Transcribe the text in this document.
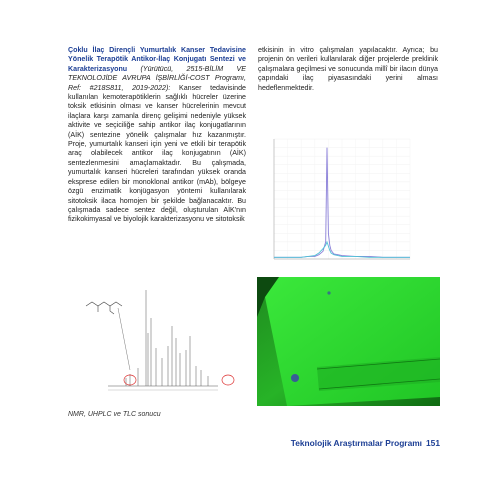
Çoklu İlaç Dirençli Yumurtalık Kanser Tedavisine Yönelik Terapötik Antikor-İlaç Konjugatı Sentezi ve Karakterizasyonu (Yürütücü, 2515-BİLİM VE TEKNOLOJİDE AVRUPA İŞBİRLİĞİ-COST Programı, Ref: #218S811, 2019-2022): Kanser tedavisinde kullanılan kemoterapötiklerin sağlıklı hücreler üzerine toksik etkisinin olması ve kanser hücrelerinin mevcut ilaçlara karşı zamanla direnç gelişimi nedeniyle yüksek aktivite ve seçiciliğe sahip antikor ilaç konjugatlarının (AİK) sentezine yönelik çalışmalar hız kazanmıştır. Proje, yumurtalık kanseri için yeni ve etkili bir terapötik araç olabilecek antikor ilaç konjugatının (AİK) sentezlenmesini amaçlamaktadır. Bu çalışmada, yumurtalık kanseri hücreleri tarafından yüksek oranda eksprese edilen bir monoklonal antikor (mAb), bölgeye özgü enzimatik konjügasyon yöntemi kullanılarak sitotoksik ilaca homojen bir şekilde bağlanacaktır. Bu çalışmada sadece sentez değil, oluşturulan AİK'nın fizikokimyasal ve biyolojik karakterizasyonu ve sitotoksik
etkisinin in vitro çalışmaları yapılacaktır. Ayrıca; bu projenin ön verileri kullanılarak diğer projelerde preklinik çalışmalara geçilmesi ve sonucunda millî bir ilacın dünya çapındaki ilaç piyasasındaki yerini alması hedeflenmektedir.
NMR, UHPLC ve TLC sonucu
Teknolojik Araştırmalar Programı 151
